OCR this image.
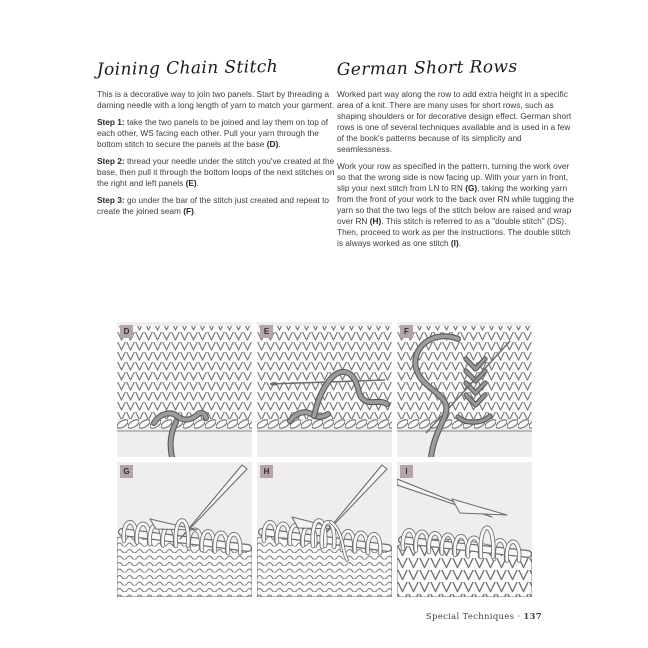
Joining Chain Stitch

This is a decorative way to join two panels. Start by threading a darning needle with a long length of yarn to match your garment.

Step 1: take the two panels to be joined and lay them on top of each other, WS facing each other. Pull your yarn through the bottom stitch to secure the panels at the base (D).

Step 2: thread your needle under the stitch you've created at the base, then pull it through the bottom loops of the next stitches on the right and left panels (E).

Step 3: go under the bar of the stitch just created and repeat to create the joined seam (F).

German Short Rows

Worked part way along the row to add extra height in a specific area of a knit. There are many uses for short rows, such as shaping shoulders or for decorative design effect. German short rows is one of several techniques available and is used in a few of the book's patterns because of its simplicity and seamlessness.

Work your row as specified in the pattern, turning the work over so that the wrong side is now facing up. With your yarn in front, slip your next stitch from LN to RN (G), taking the working yarn from the front of your work to the back over RN while tugging the yarn so that the two legs of the stitch below are raised and wrap over RN (H). This stitch is referred to as a "double stitch" (DS). Then, proceed to work as per the instructions. The double stitch is always worked as one stitch (I).

D	E	F
G	H	I
Special Techniques · 137
